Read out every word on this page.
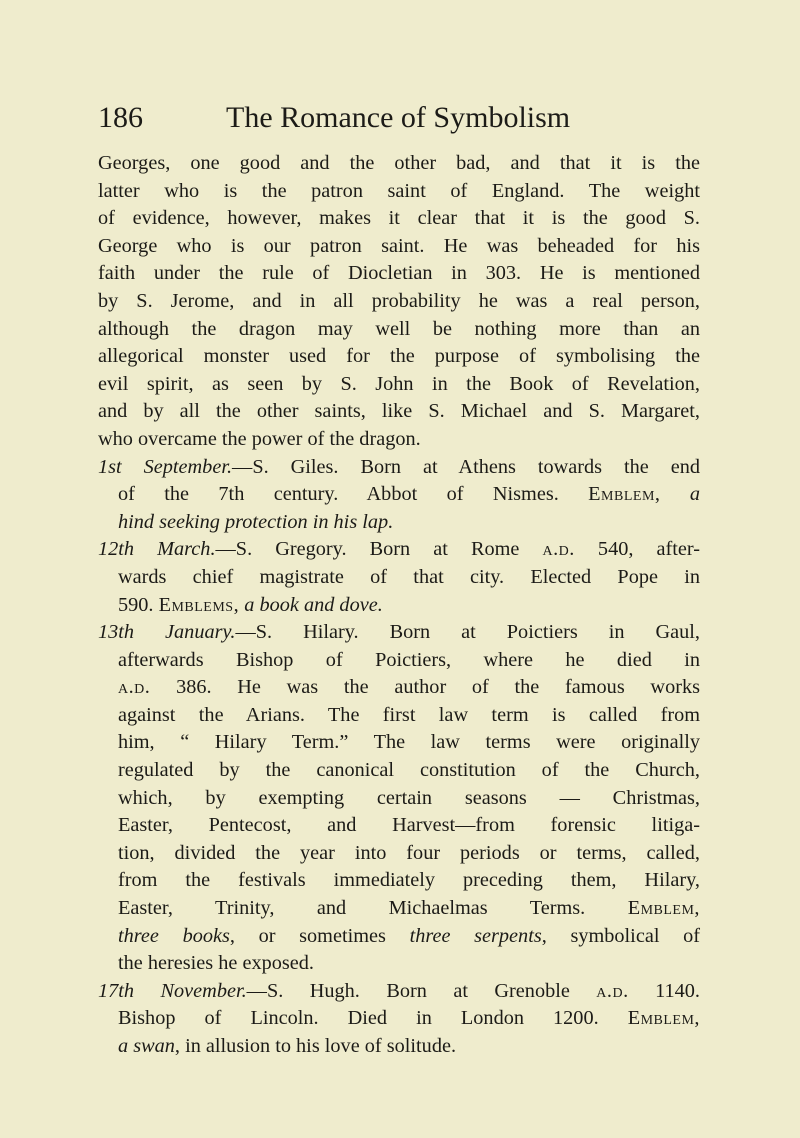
186	The Romance of Symbolism
Georges, one good and the other bad, and that it is the
latter who is the patron saint of England. The weight
of evidence, however, makes it clear that it is the good S.
George who is our patron saint. He was beheaded for his
faith under the rule of Diocletian in 303. He is mentioned
by S. Jerome, and in all probability he was a real person,
although the dragon may well be nothing more than an
allegorical monster used for the purpose of symbolising the
evil spirit, as seen by S. John in the Book of Revelation,
and by all the other saints, like S. Michael and S. Margaret,
who overcame the power of the dragon.
1st September.—S. Giles. Born at Athens towards the end
of the 7th century. Abbot of Nismes. Emblem, a
hind seeking protection in his lap.
12th March.—S. Gregory. Born at Rome a.d. 540, after-
wards chief magistrate of that city. Elected Pope in
590. Emblems, a book and dove.
13th January.—S. Hilary. Born at Poictiers in Gaul,
afterwards Bishop of Poictiers, where he died in
a.d. 386. He was the author of the famous works
against the Arians. The first law term is called from
him, “ Hilary Term.” The law terms were originally
regulated by the canonical constitution of the Church,
which, by exempting certain seasons — Christmas,
Easter, Pentecost, and Harvest—from forensic litiga-
tion, divided the year into four periods or terms, called,
from the festivals immediately preceding them, Hilary,
Easter, Trinity, and Michaelmas Terms. Emblem,
three books, or sometimes three serpents, symbolical of
the heresies he exposed.
17th November.—S. Hugh. Born at Grenoble a.d. 1140.
Bishop of Lincoln. Died in London 1200. Emblem,
a swan, in allusion to his love of solitude.
